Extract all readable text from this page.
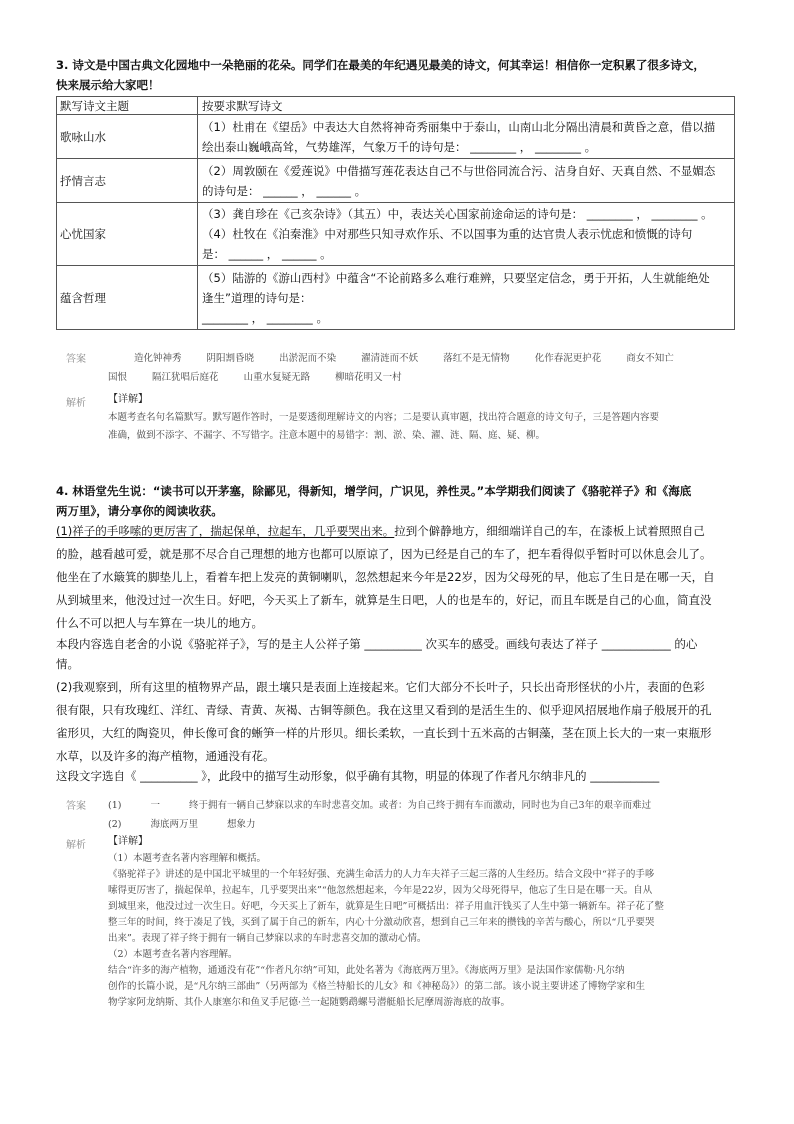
3. 诗文是中国古典文化园地中一朵艳丽的花朵。同学们在最美的年纪遇见最美的诗文，何其幸运！相信你一定积累了很多诗文，
快来展示给大家吧！
默写诗文主题	按要求默写诗文
歌咏山水	（1）杜甫在《望岳》中表达大自然将神奇秀丽集中于泰山，山南山北分隔出清晨和黄昏之意，借以描
绘出泰山巍峨高耸，气势雄浑，气象万千的诗句是： ________ ， ________ 。

抒情言志	（2）周敦颐在《爱莲说》中借描写莲花表达自己不与世俗同流合污、洁身自好、天真自然、不显媚态
的诗句是： ______ ， ______ 。

心忧国家	（3）龚自珍在《己亥杂诗》（其五）中，表达关心国家前途命运的诗句是： ________ ， ________ 。
（4）杜牧在《泊秦淮》中对那些只知寻欢作乐、不以国事为重的达官贵人表示忧虑和愤慨的诗句
是： ______ ， ______ 。

蕴含哲理	（5）陆游的《游山西村》中蕴含“不论前路多么难行难辨，只要坚定信念，勇于开拓，人生就能绝处
逢生”道理的诗句是：
________ ， ________ 。
答案	造化钟神秀	阴阳割昏晓	出淤泥而不染	濯清涟而不妖	落红不是无情物	化作春泥更护花	商女不知亡
国恨	隔江犹唱后庭花	山重水复疑无路	柳暗花明又一村
解析 【详解】
本题考查名句名篇默写。默写题作答时，一是要透彻理解诗文的内容；二是要认真审题，找出符合题意的诗文句子，三是答题内容要
准确，做到不添字、不漏字、不写错字。注意本题中的易错字：割、淤、染、濯、涟、隔、庭、疑、柳。
4. 林语堂先生说：“读书可以开茅塞，除鄙见，得新知，增学问，广识见，养性灵。”本学期我们阅读了《骆驼祥子》和《海底
两万里》，请分享你的阅读收获。
(1)祥子的手哆嗦的更厉害了，揣起保单，拉起车，几乎要哭出来。拉到个僻静地方，细细端详自己的车，在漆板上试着照照自己
的脸，越看越可爱，就是那不尽合自己理想的地方也都可以原谅了，因为已经是自己的车了，把车看得似乎暂时可以休息会儿了。
他坐在了水簸箕的脚垫儿上，看着车把上发亮的黄铜喇叭，忽然想起来今年是22岁，因为父母死的早，他忘了生日是在哪一天，自
从到城里来，他没过过一次生日。好吧，今天买上了新车，就算是生日吧，人的也是车的，好记，而且车既是自己的心血，简直没
什么不可以把人与车算在一块儿的地方。
本段内容选自老舍的小说《骆驼祥子》，写的是主人公祥子第 __________ 次买车的感受。画线句表达了祥子 ____________ 的心
情。
(2)我观察到，所有这里的植物界产品，跟土壤只是表面上连接起来。它们大部分不长叶子，只长出奇形怪状的小片，表面的色彩
很有限，只有玫瑰红、洋红、青绿、青黄、灰褐、古铜等颜色。我在这里又看到的是活生生的、似乎迎风招展地作扇子般展开的孔
雀形贝，大红的陶瓷贝，伸长像可食的蜥笋一样的片形贝。细长柔软，一直长到十五米高的古铜藻，茎在顶上长大的一束一束瓶形
水草，以及许多的海产植物，通通没有花。
这段文字选自《 __________ 》，此段中的描写生动形象，似乎确有其物，明显的体现了作者凡尔纳非凡的 ____________
答案 (1)	一	终于拥有一辆自己梦寐以求的车时悲喜交加。或者：为自己终于拥有车而激动，同时也为自己3年的艰辛而难过
(2)	海底两万里	想象力
解析 【详解】
（1）本题考查名著内容理解和概括。
《骆驼祥子》讲述的是中国北平城里的一个年轻好强、充满生命活力的人力车夫祥子三起三落的人生经历。结合文段中“祥子的手哆
嗦得更厉害了，揣起保单，拉起车，几乎要哭出来”“他忽然想起来，今年是22岁，因为父母死得早，他忘了生日是在哪一天。自从
到城里来，他没过过一次生日。好吧，今天买上了新车，就算是生日吧”可概括出：祥子用血汗钱买了人生中第一辆新车。祥子花了整
整三年的时间，终于凑足了钱，买到了属于自己的新车，内心十分激动欣喜，想到自己三年来的攒钱的辛苦与酸心，所以“几乎要哭
出来”。表现了祥子终于拥有一辆自己梦寐以求的车时悲喜交加的激动心情。
（2）本题考查名著内容理解。
结合“许多的海产植物，通通没有花”“作者凡尔纳”可知，此处名著为《海底两万里》。《海底两万里》是法国作家儒勒·凡尔纳
创作的长篇小说，是“凡尔纳三部曲”（另两部为《格兰特船长的儿女》和《神秘岛》）的第二部。该小说主要讲述了博物学家和生
物学家阿龙纳斯、其仆人康塞尔和鱼叉手尼德·兰一起随鹦鹉螺号潜艇船长尼摩周游海底的故事。
